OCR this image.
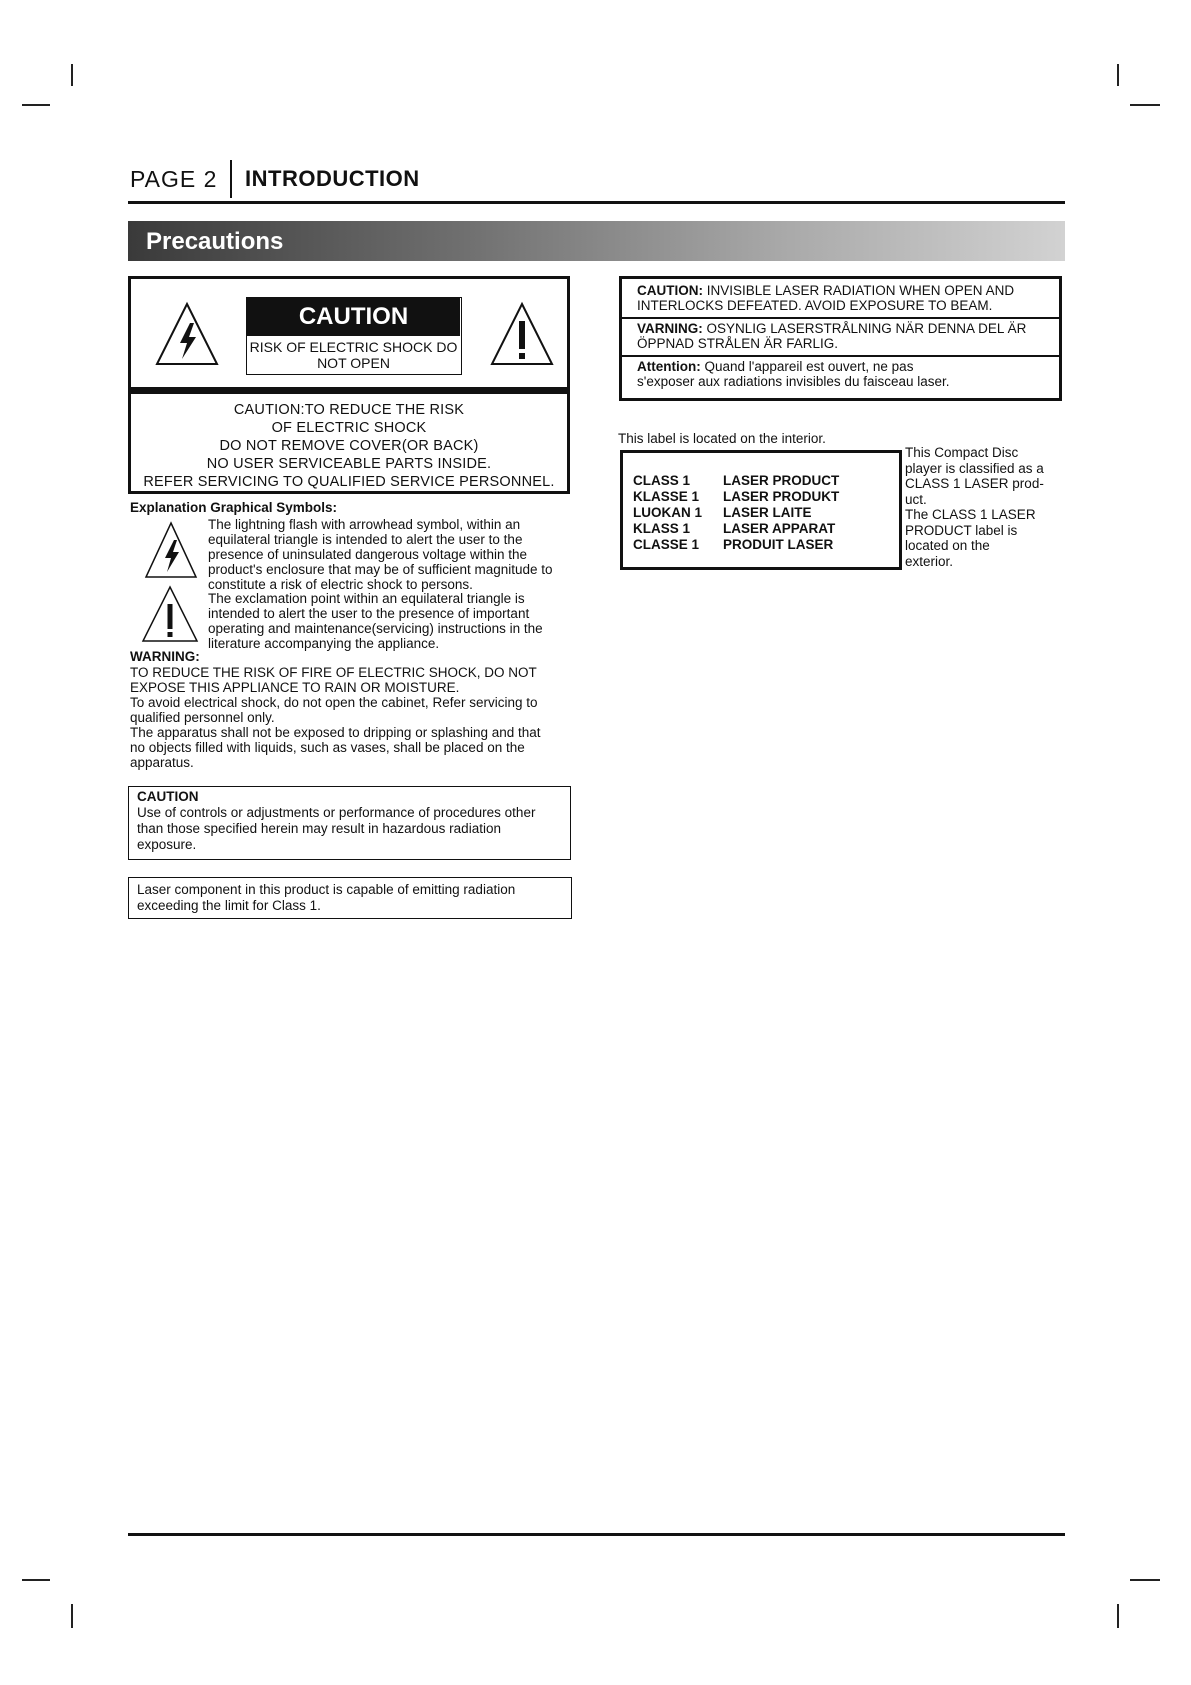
PAGE 2 INTRODUCTION
Precautions
CAUTION
RISK OF ELECTRIC SHOCK DO
NOT OPEN
CAUTION:TO REDUCE THE RISK
OF ELECTRIC SHOCK
DO NOT REMOVE COVER(OR BACK)
NO USER SERVICEABLE PARTS INSIDE.
REFER SERVICING TO QUALIFIED SERVICE PERSONNEL.
Explanation Graphical Symbols:
The lightning flash with arrowhead symbol, within an
equilateral triangle is intended to alert the user to the
presence of uninsulated dangerous voltage within the
product's enclosure that may be of sufficient magnitude to
constitute a risk of electric shock to persons.
The exclamation point within an equilateral triangle is
intended to alert the user to the presence of important
operating and maintenance(servicing) instructions in the
literature accompanying the appliance.
WARNING:
TO REDUCE THE RISK OF FIRE OF ELECTRIC SHOCK, DO NOT
EXPOSE THIS APPLIANCE TO RAIN OR MOISTURE.
To avoid electrical shock, do not open the cabinet, Refer servicing to
qualified personnel only.
The apparatus shall not be exposed to dripping or splashing and that
no objects filled with liquids, such as vases, shall be placed on the
apparatus.
CAUTION
Use of controls or adjustments or performance of procedures other
than those specified herein may result in hazardous radiation
exposure.
Laser component in this product is capable of emitting radiation
exceeding the limit for Class 1.
CAUTION: INVISIBLE LASER RADIATION WHEN OPEN AND
INTERLOCKS DEFEATED. AVOID EXPOSURE TO BEAM.
VARNING: OSYNLIG LASERSTRÅLNING NÄR DENNA DEL ÄR
ÖPPNAD STRÅLEN ÄR FARLIG.
Attention: Quand l'appareil est ouvert, ne pas
s'exposer aux radiations invisibles du faisceau laser.
This label is located on the interior.
CLASS 1 LASER PRODUCT
KLASSE 1 LASER PRODUKT
LUOKAN 1 LASER LAITE
KLASS 1 LASER APPARAT
CLASSE 1 PRODUIT LASER
This Compact Disc
player is classified as a
CLASS 1 LASER prod-
uct.
The CLASS 1 LASER
PRODUCT label is
located on the
exterior.
